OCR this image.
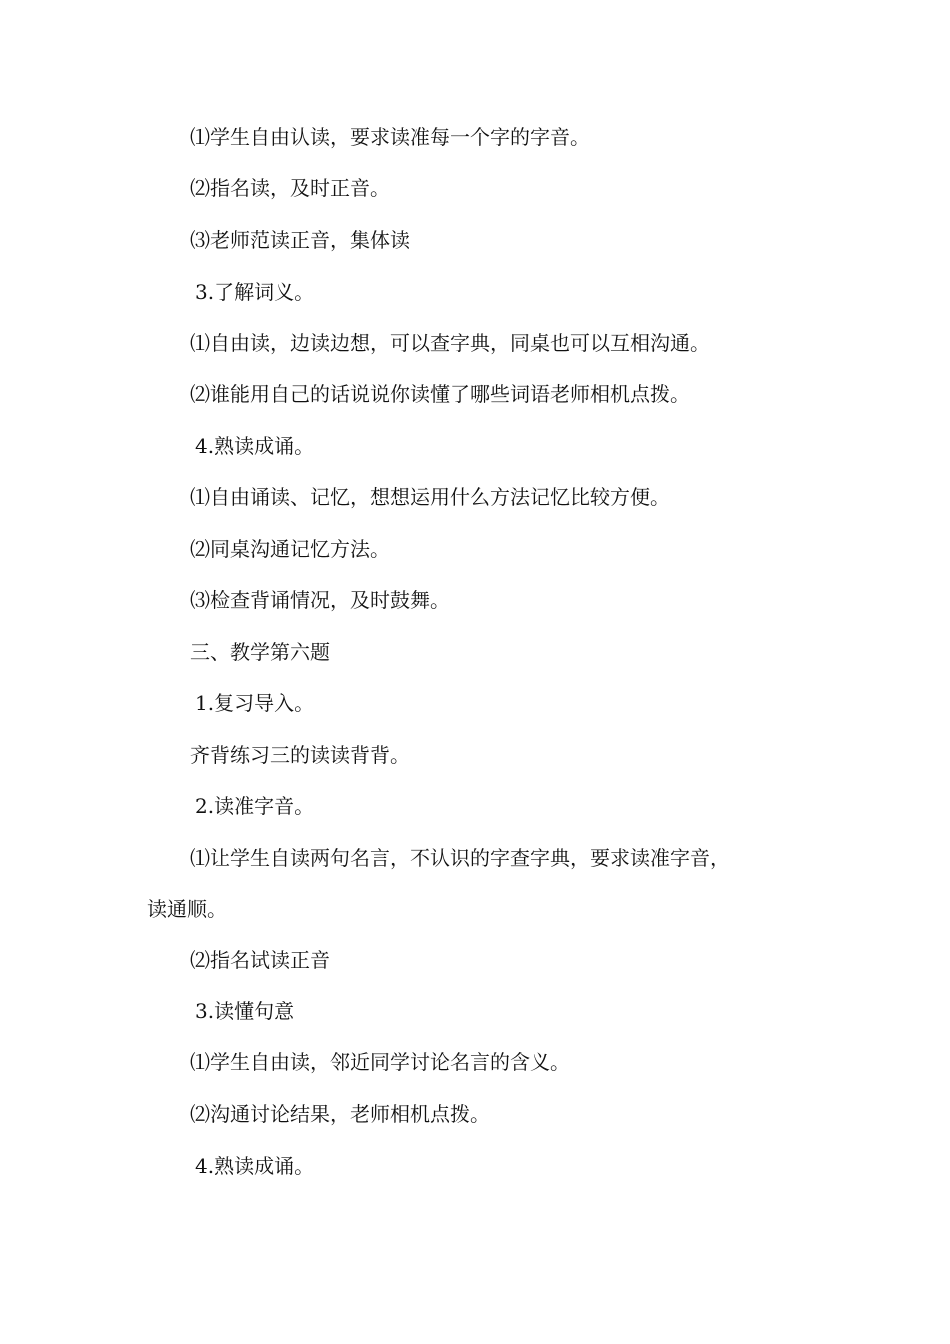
⑴学生自由认读，要求读准每一个字的字音。
⑵指名读，及时正音。
⑶老师范读正音，集体读
3.了解词义。
⑴自由读，边读边想，可以查字典，同桌也可以互相沟通。
⑵谁能用自己的话说说你读懂了哪些词语老师相机点拨。
4.熟读成诵。
⑴自由诵读、记忆，想想运用什么方法记忆比较方便。
⑵同桌沟通记忆方法。
⑶检查背诵情况，及时鼓舞。
三、教学第六题
1.复习导入。
齐背练习三的读读背背。
2.读准字音。
⑴让学生自读两句名言，不认识的字查字典，要求读准字音，
读通顺。
⑵指名试读正音
3.读懂句意
⑴学生自由读，邻近同学讨论名言的含义。
⑵沟通讨论结果，老师相机点拨。
4.熟读成诵。
